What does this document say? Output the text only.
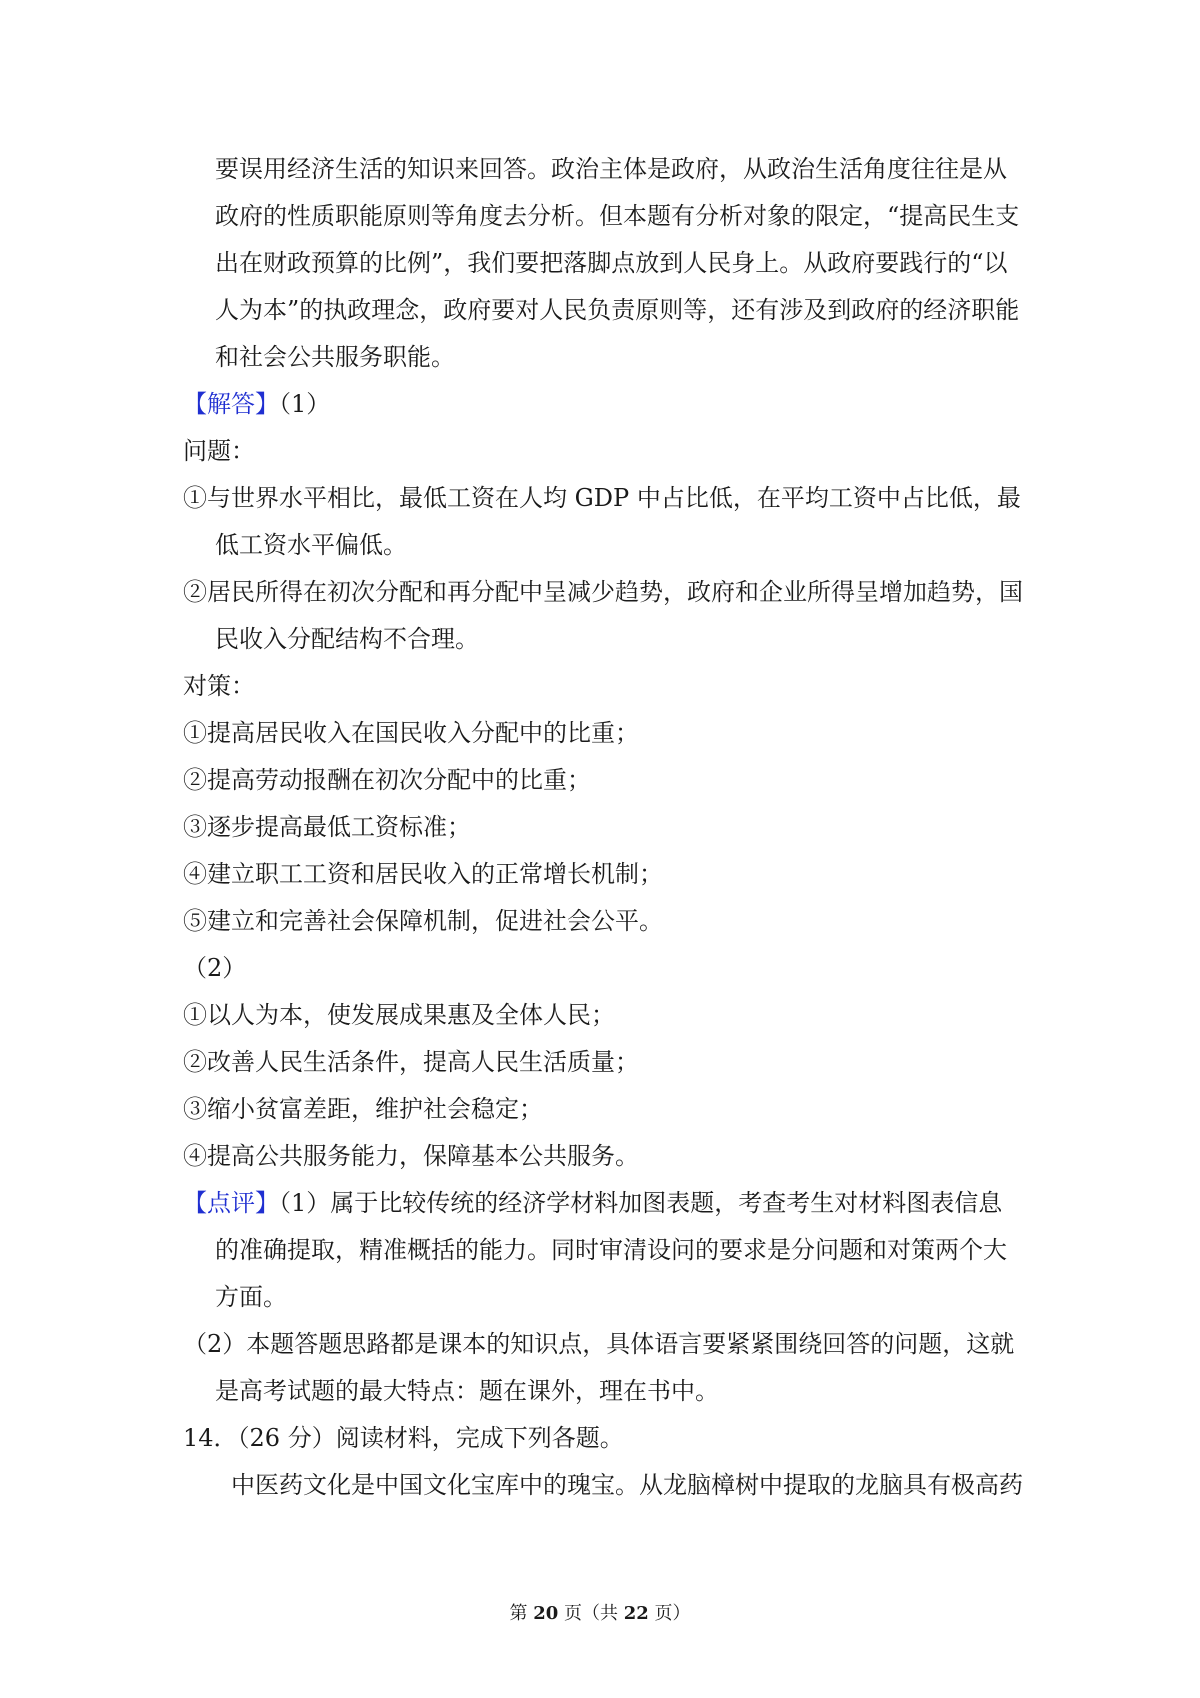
要误用经济生活的知识来回答。政治主体是政府，从政治生活角度往往是从
政府的性质职能原则等角度去分析。但本题有分析对象的限定，“提高民生支
出在财政预算的比例”，我们要把落脚点放到人民身上。从政府要践行的“以
人为本”的执政理念，政府要对人民负责原则等，还有涉及到政府的经济职能
和社会公共服务职能。
【解答】（1）
问题：
①与世界水平相比，最低工资在人均 GDP 中占比低，在平均工资中占比低，最
低工资水平偏低。
②居民所得在初次分配和再分配中呈减少趋势，政府和企业所得呈增加趋势，国
民收入分配结构不合理。
对策：
①提高居民收入在国民收入分配中的比重；
②提高劳动报酬在初次分配中的比重；
③逐步提高最低工资标准；
④建立职工工资和居民收入的正常增长机制；
⑤建立和完善社会保障机制，促进社会公平。
（2）
①以人为本，使发展成果惠及全体人民；
②改善人民生活条件，提高人民生活质量；
③缩小贫富差距，维护社会稳定；
④提高公共服务能力，保障基本公共服务。
【点评】（1）属于比较传统的经济学材料加图表题，考查考生对材料图表信息
的准确提取，精准概括的能力。同时审清设问的要求是分问题和对策两个大
方面。
（2）本题答题思路都是课本的知识点，具体语言要紧紧围绕回答的问题，这就
是高考试题的最大特点：题在课外，理在书中。
14．（26 分）阅读材料，完成下列各题。
中医药文化是中国文化宝库中的瑰宝。从龙脑樟树中提取的龙脑具有极高药
第 20 页（共 22 页）
